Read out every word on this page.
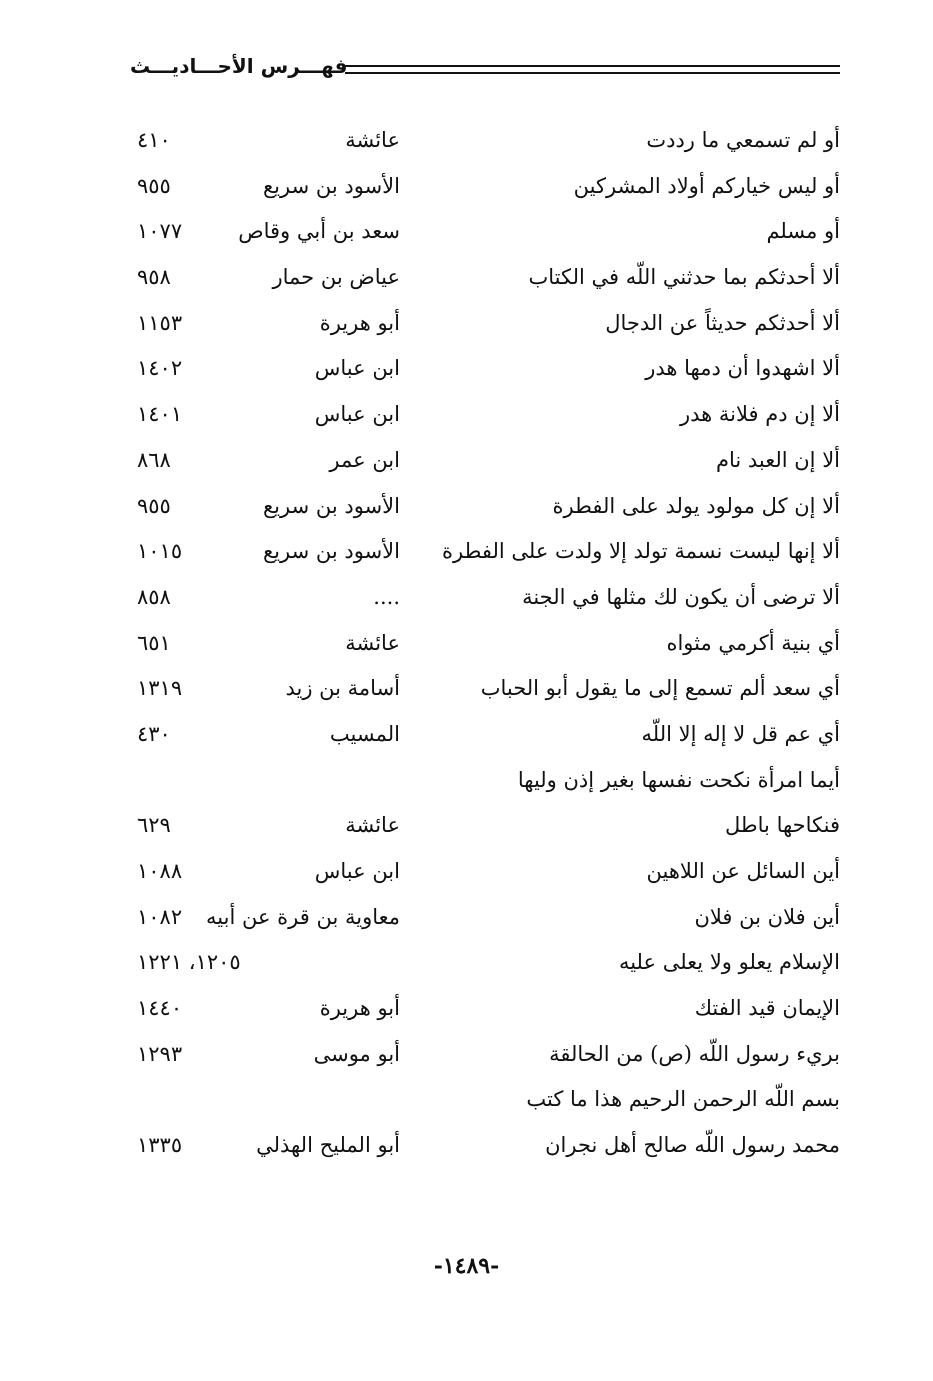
فهـــرس الأحـــاديـــث
أو لم تسمعي ما رددت
عائشة
٤١٠
أو ليس خياركم أولاد المشركين
الأسود بن سريع
٩٥٥
أو مسلم
سعد بن أبي وقاص
١٠٧٧
ألا أحدثكم بما حدثني اللّه في الكتاب
عياض بن حمار
٩٥٨
ألا أحدثكم حديثاً عن الدجال
أبو هريرة
١١٥٣
ألا اشهدوا أن دمها هدر
ابن عباس
١٤٠٢
ألا إن دم فلانة هدر
ابن عباس
١٤٠١
ألا إن العبد نام
ابن عمر
٨٦٨
ألا إن كل مولود يولد على الفطرة
الأسود بن سريع
٩٥٥
ألا إنها ليست نسمة تولد إلا ولدت على الفطرة
الأسود بن سريع
١٠١٥
ألا ترضى أن يكون لك مثلها في الجنة
....
٨٥٨
أي بنية أكرمي مثواه
عائشة
٦٥١
أي سعد ألم تسمع إلى ما يقول أبو الحباب
أسامة بن زيد
١٣١٩
أي عم قل لا إله إلا اللّه
المسيب
٤٣٠
أيما امرأة نكحت نفسها بغير إذن وليها
فنكاحها باطل
عائشة
٦٢٩
أين السائل عن اللاهين
ابن عباس
١٠٨٨
أين فلان بن فلان
معاوية بن قرة عن أبيه
١٠٨٢
الإسلام يعلو ولا يعلى عليه
١٢٠٥، ١٢٢١
الإيمان قيد الفتك
أبو هريرة
١٤٤٠
بريء رسول اللّه (ص) من الحالقة
أبو موسى
١٢٩٣
بسم اللّه الرحمن الرحيم هذا ما كتب
محمد رسول اللّه صالح أهل نجران
أبو المليح الهذلي
١٣٣٥
-١٤٨٩-
